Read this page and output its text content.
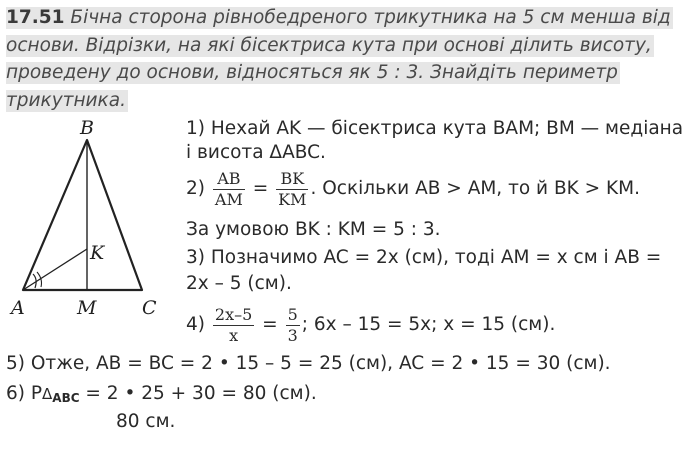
17.51 Бічна сторона рівнобедреного трикутника на 5 см менша від
основи. Відрізки, на які бісектриса кута при основі ділить висоту,
проведену до основи, відносяться як 5 : 3. Знайдіть периметр
трикутника.
B
K
A	M C
1) Нехай AK — бісектриса кута BAM; BM — медіана
і висота ΔABC.
$2) \frac{AB}{AM} = \frac{BK}{KM}$ . Оскільки AB > AM, то й BK > KM.
За умовою BK : KM = 5 : 3.
3) Позначимо AC = 2x (см), тоді AM = x см і AB =
2x – 5 (см).
$4) \frac{2x-5}{x} = \frac{5}{3}$ ; 6x – 15 = 5x; x = 15 (см).
5) Отже, AB = BC = 2 • 15 – 5 = 25 (см), AC = 2 • 15 = 30 (см).
6) $P\Delta_{ABC} = 2$ • 25 + 30 = 80 (см).
80 см.
